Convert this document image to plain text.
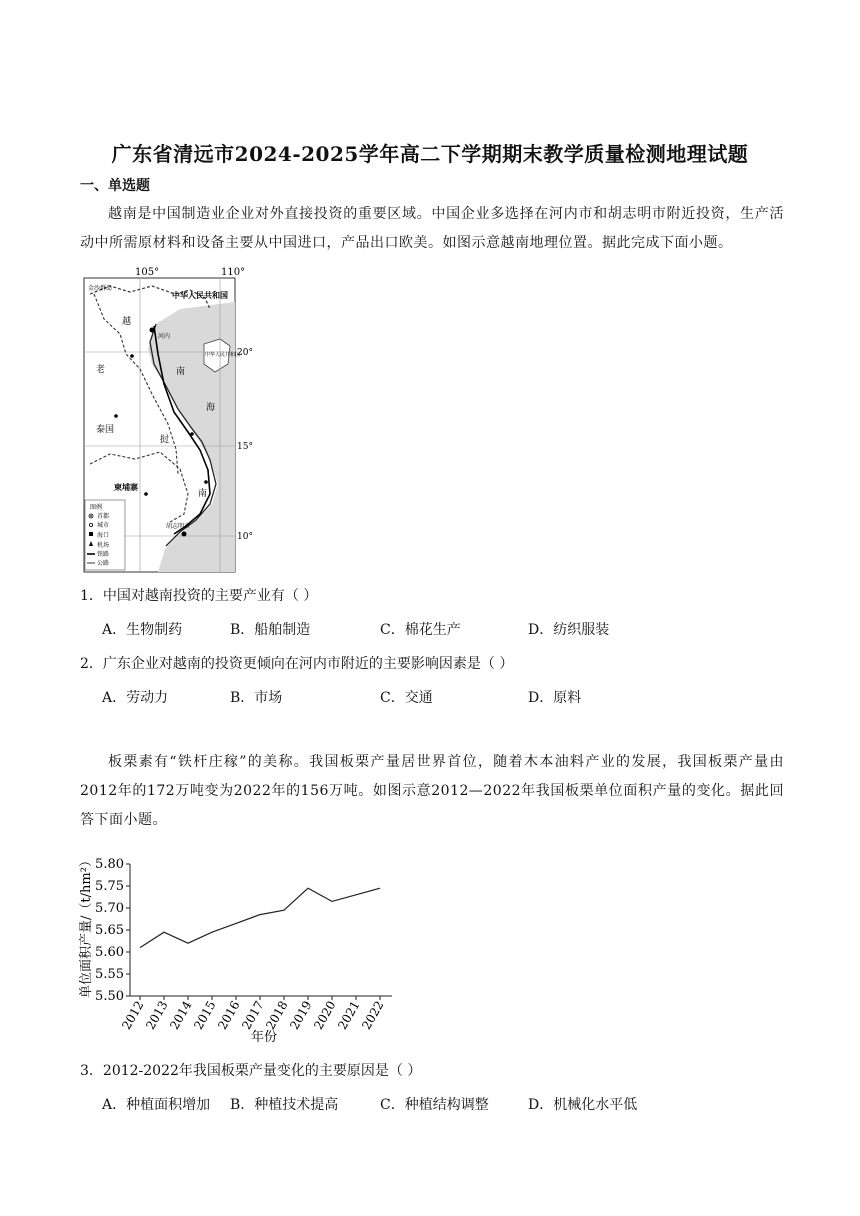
广东省清远市2024-2025学年高二下学期期末教学质量检测地理试题
一、单选题
越南是中国制造业企业对外直接投资的重要区域。中国企业多选择在河内市和胡志明市附近投资，生产活动中所需原材料和设备主要从中国进口，产品出口欧美。如图示意越南地理位置。据此完成下面小题。
105°	110°
金沙群岛
中华人民共和国
越
河内
老	南
中华人民共和国
海
泰国
挝
柬埔寨
南
胡志明市
20°
15°
10°
图例
首都
城市
海口
机场
铁路
公路
1．中国对越南投资的主要产业有（ ）
A．生物制药	B．船舶制造	C．棉花生产	D．纺织服装
2．广东企业对越南的投资更倾向在河内市附近的主要影响因素是（ ）
A．劳动力	B．市场	C．交通	D．原料
板栗素有“铁杆庄稼”的美称。我国板栗产量居世界首位，随着木本油料产业的发展，我国板栗产量由2012年的172万吨变为2022年的156万吨。如图示意2012—2022年我国板栗单位面积产量的变化。据此回答下面小题。
单位面积产量/（t/hm²） 5.80
5.75
5.70
5.65
5.60
5.55
5.50
2012
2013
2014
2015
2016
2017
2018
2019
2020
2021
2022
年份
3．2012-2022年我国板栗产量变化的主要原因是（ ）
A．种植面积增加	B．种植技术提高	C．种植结构调整	D．机械化水平低
